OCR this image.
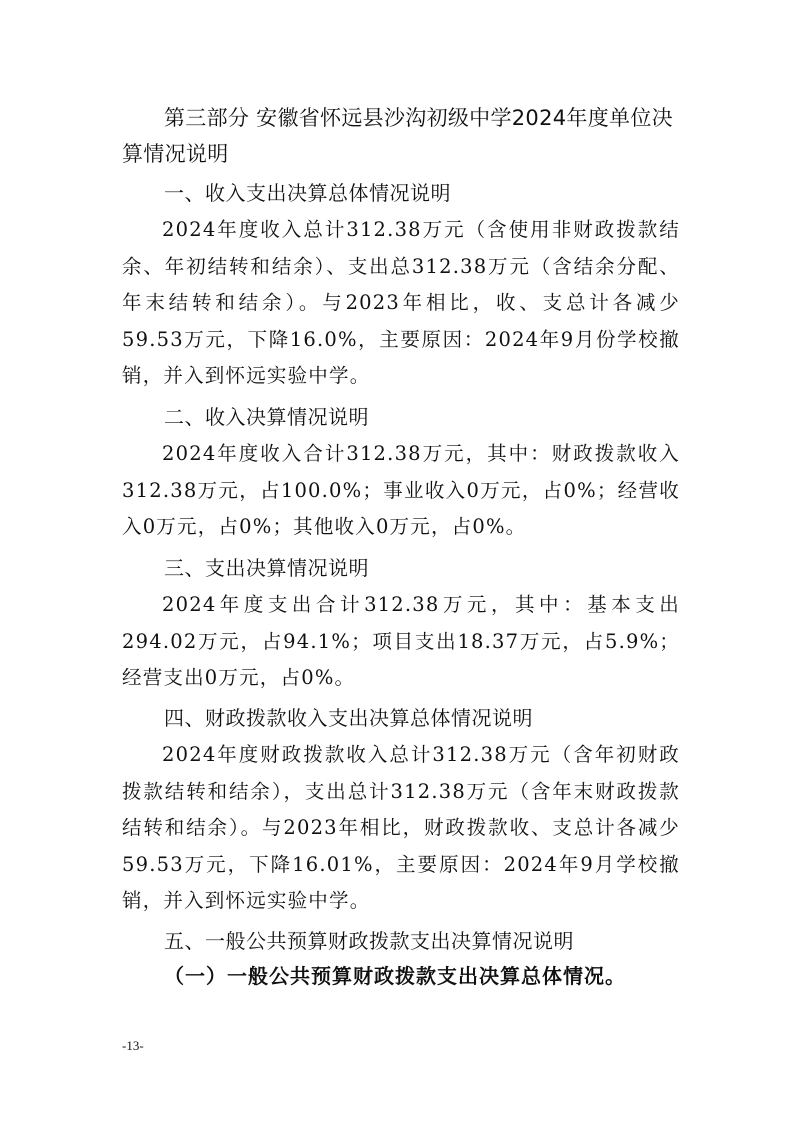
第三部分 安徽省怀远县沙沟初级中学2024年度单位决算情况说明

一、收入支出决算总体情况说明

2024年度收入总计312.38万元（含使用非财政拨款结余、年初结转和结余）、支出总312.38万元（含结余分配、年末结转和结余）。与2023年相比，收、支总计各减少59.53万元，下降16.0%，主要原因：2024年9月份学校撤销，并入到怀远实验中学。

二、收入决算情况说明

2024年度收入合计312.38万元，其中：财政拨款收入312.38万元，占100.0%；事业收入0万元，占0%；经营收入0万元，占0%；其他收入0万元，占0%。

三、支出决算情况说明

2024年度支出合计312.38万元，其中：基本支出294.02万元，占94.1%；项目支出18.37万元，占5.9%；经营支出0万元，占0%。

四、财政拨款收入支出决算总体情况说明

2024年度财政拨款收入总计312.38万元（含年初财政拨款结转和结余），支出总计312.38万元（含年末财政拨款结转和结余）。与2023年相比，财政拨款收、支总计各减少59.53万元，下降16.01%，主要原因：2024年9月学校撤销，并入到怀远实验中学。

五、一般公共预算财政拨款支出决算情况说明

（一）一般公共预算财政拨款支出决算总体情况。

-13-
